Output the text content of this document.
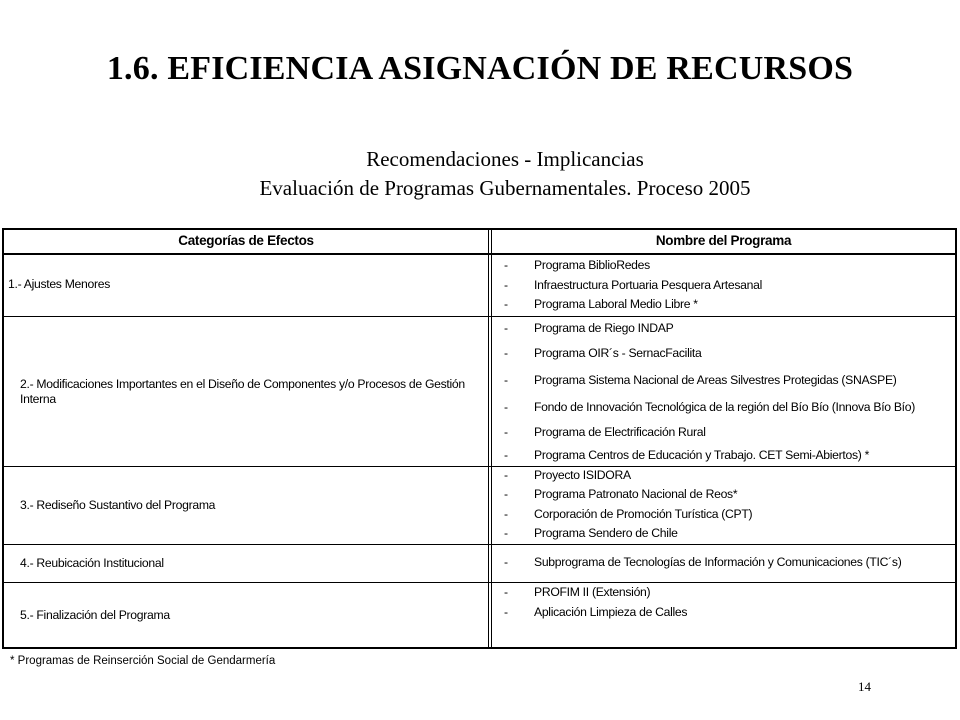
1.6. EFICIENCIA ASIGNACIÓN DE RECURSOS
Recomendaciones - Implicancias
Evaluación de Programas Gubernamentales. Proceso 2005
Categorías de Efectos	Nombre del Programa
1.- Ajustes Menores
- Programa BiblioRedes
- Infraestructura Portuaria Pesquera Artesanal
- Programa Laboral Medio Libre *
2.- Modificaciones Importantes en el Diseño de Componentes y/o Procesos de Gestión Interna
- Programa de Riego INDAP
- Programa OIR´s - SernacFacilita
- Programa Sistema Nacional de Areas Silvestres Protegidas (SNASPE)
- Fondo de Innovación Tecnológica de la región del Bío Bío (Innova Bío Bío)
- Programa de Electrificación Rural
- Programa Centros de Educación y Trabajo. CET Semi-Abiertos) *
3.- Rediseño Sustantivo del Programa
- Proyecto ISIDORA
- Programa Patronato Nacional de Reos*
- Corporación de Promoción Turística (CPT)
- Programa Sendero de Chile
4.- Reubicación Institucional	- Subprograma de Tecnologías de Información y Comunicaciones (TIC´s)
5.- Finalización del Programa
- PROFIM II (Extensión)
- Aplicación Limpieza de Calles
* Programas de Reinserción Social de Gendarmería
14
